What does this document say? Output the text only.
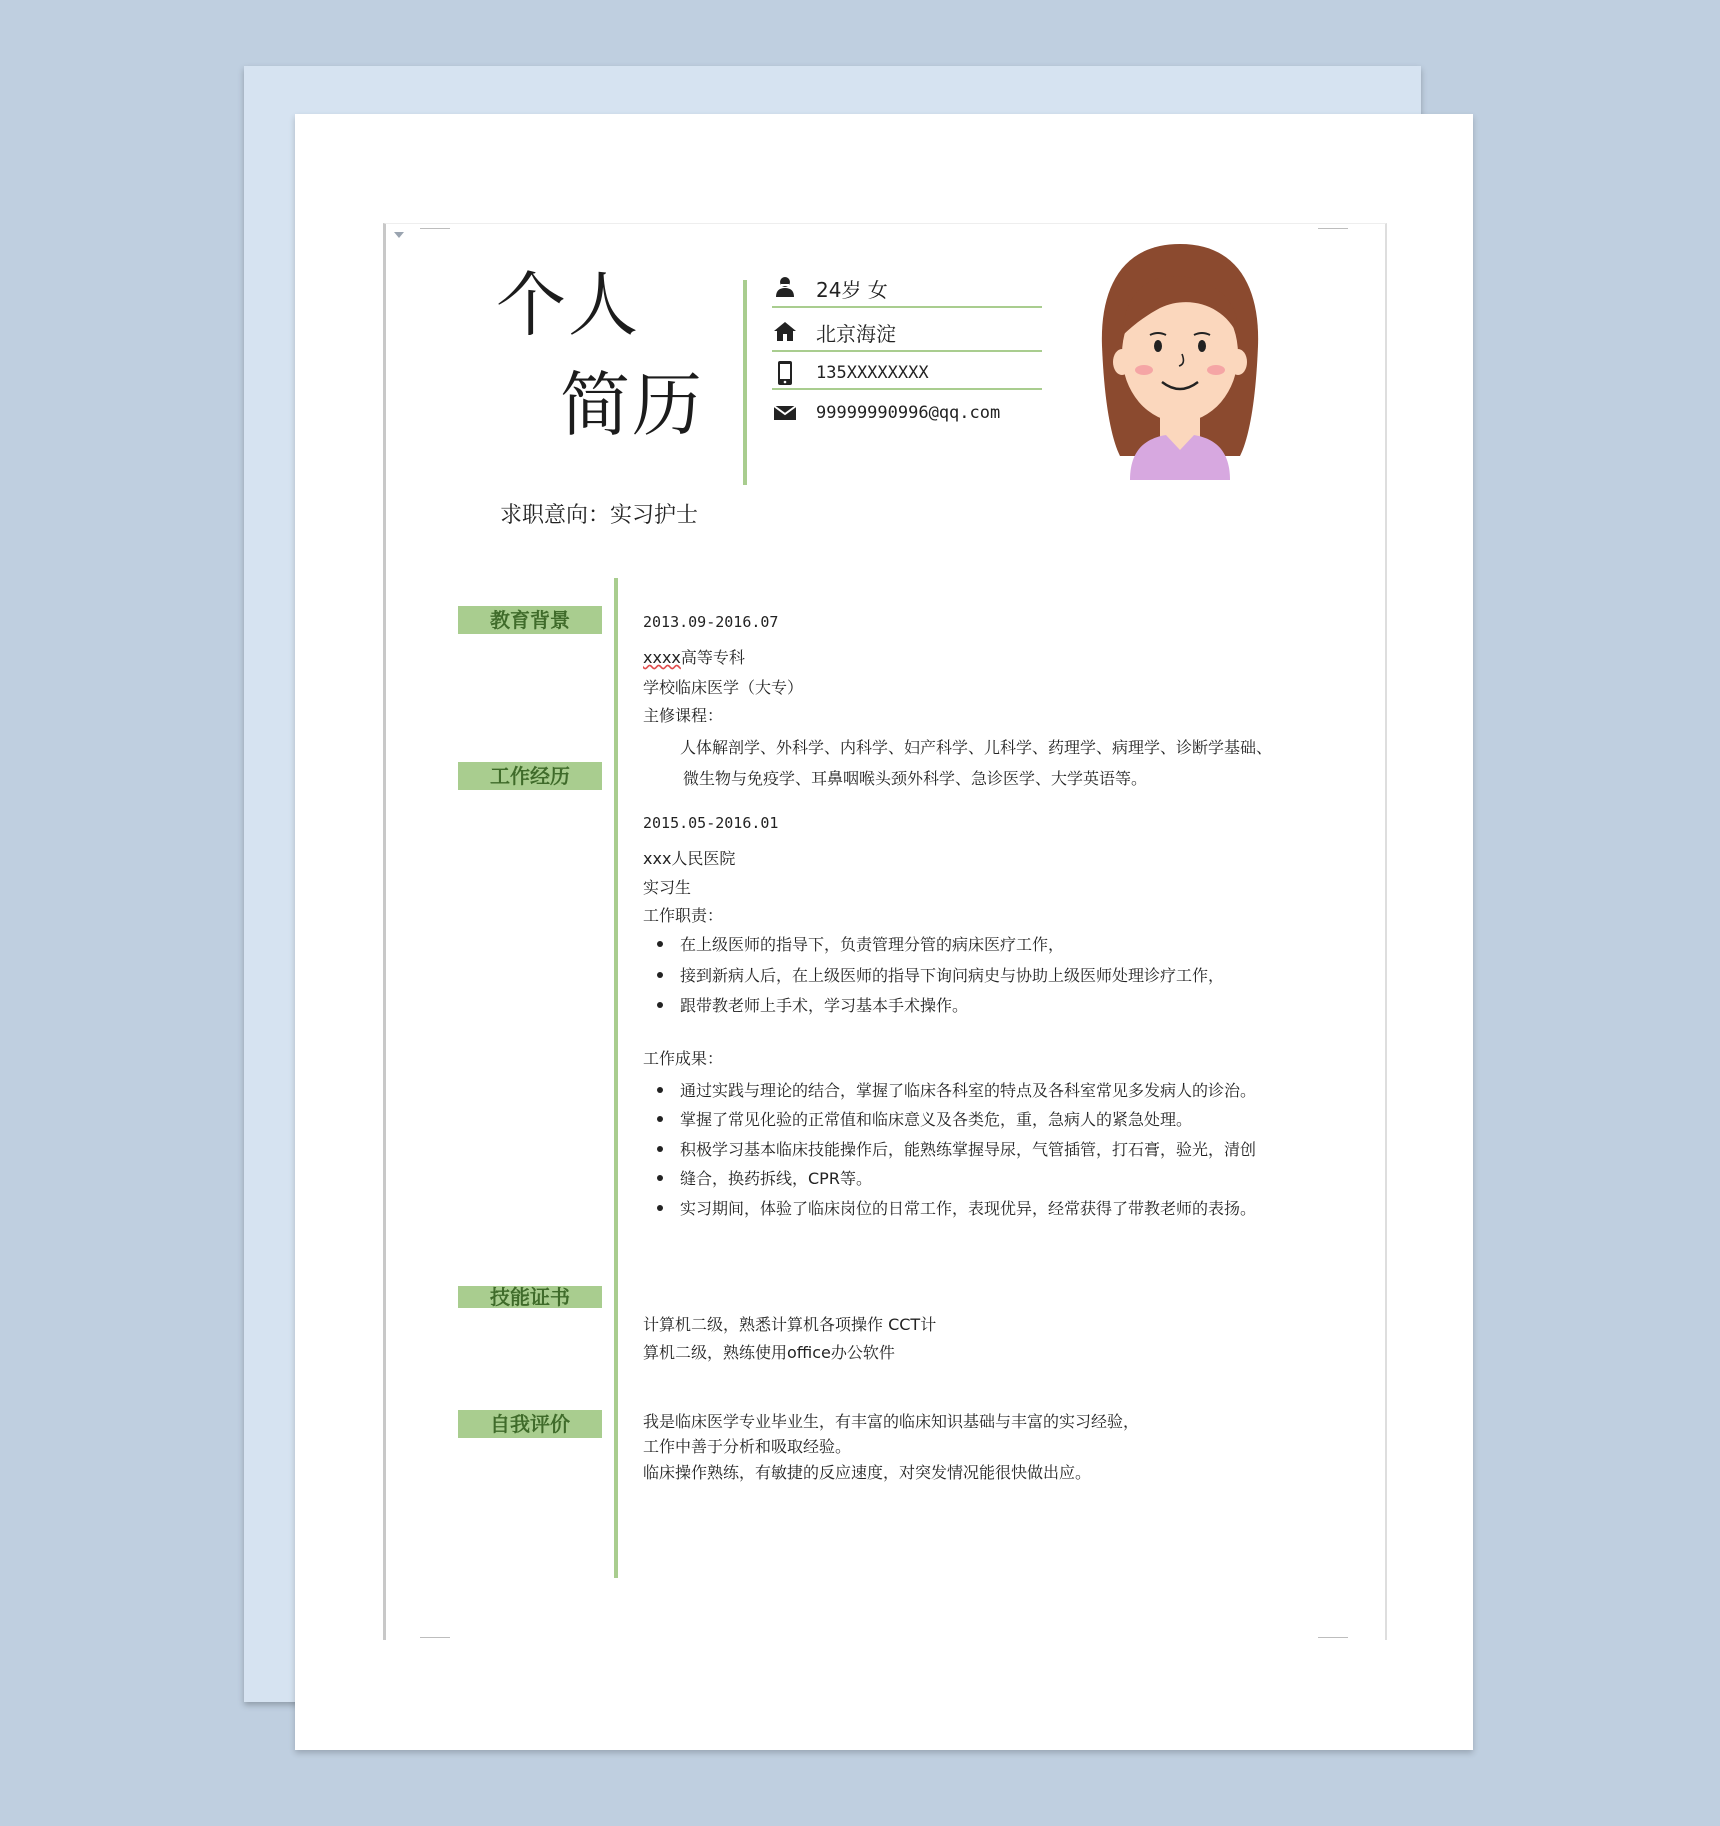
个人
简历
24岁 女
北京海淀
135XXXXXXXX
99999990996@qq.com
求职意向：实习护士
教育背景
工作经历
技能证书
自我评价
2013.09-2016.07
xxxx高等专科
学校临床医学（大专）
主修课程：
人体解剖学、外科学、内科学、妇产科学、儿科学、药理学、病理学、诊断学基础、
微生物与免疫学、耳鼻咽喉头颈外科学、急诊医学、大学英语等。
2015.05-2016.01
xxx人民医院
实习生
工作职责：
在上级医师的指导下，负责管理分管的病床医疗工作，
接到新病人后，在上级医师的指导下询问病史与协助上级医师处理诊疗工作，
跟带教老师上手术，学习基本手术操作。
工作成果：
通过实践与理论的结合，掌握了临床各科室的特点及各科室常见多发病人的诊治。
掌握了常见化验的正常值和临床意义及各类危，重，急病人的紧急处理。
积极学习基本临床技能操作后，能熟练掌握导尿，气管插管，打石膏，验光，清创
缝合，换药拆线，CPR等。
实习期间，体验了临床岗位的日常工作，表现优异，经常获得了带教老师的表扬。
计算机二级，熟悉计算机各项操作 CCT计
算机二级，熟练使用office办公软件
我是临床医学专业毕业生，有丰富的临床知识基础与丰富的实习经验，
工作中善于分析和吸取经验。
临床操作熟练，有敏捷的反应速度，对突发情况能很快做出应。
